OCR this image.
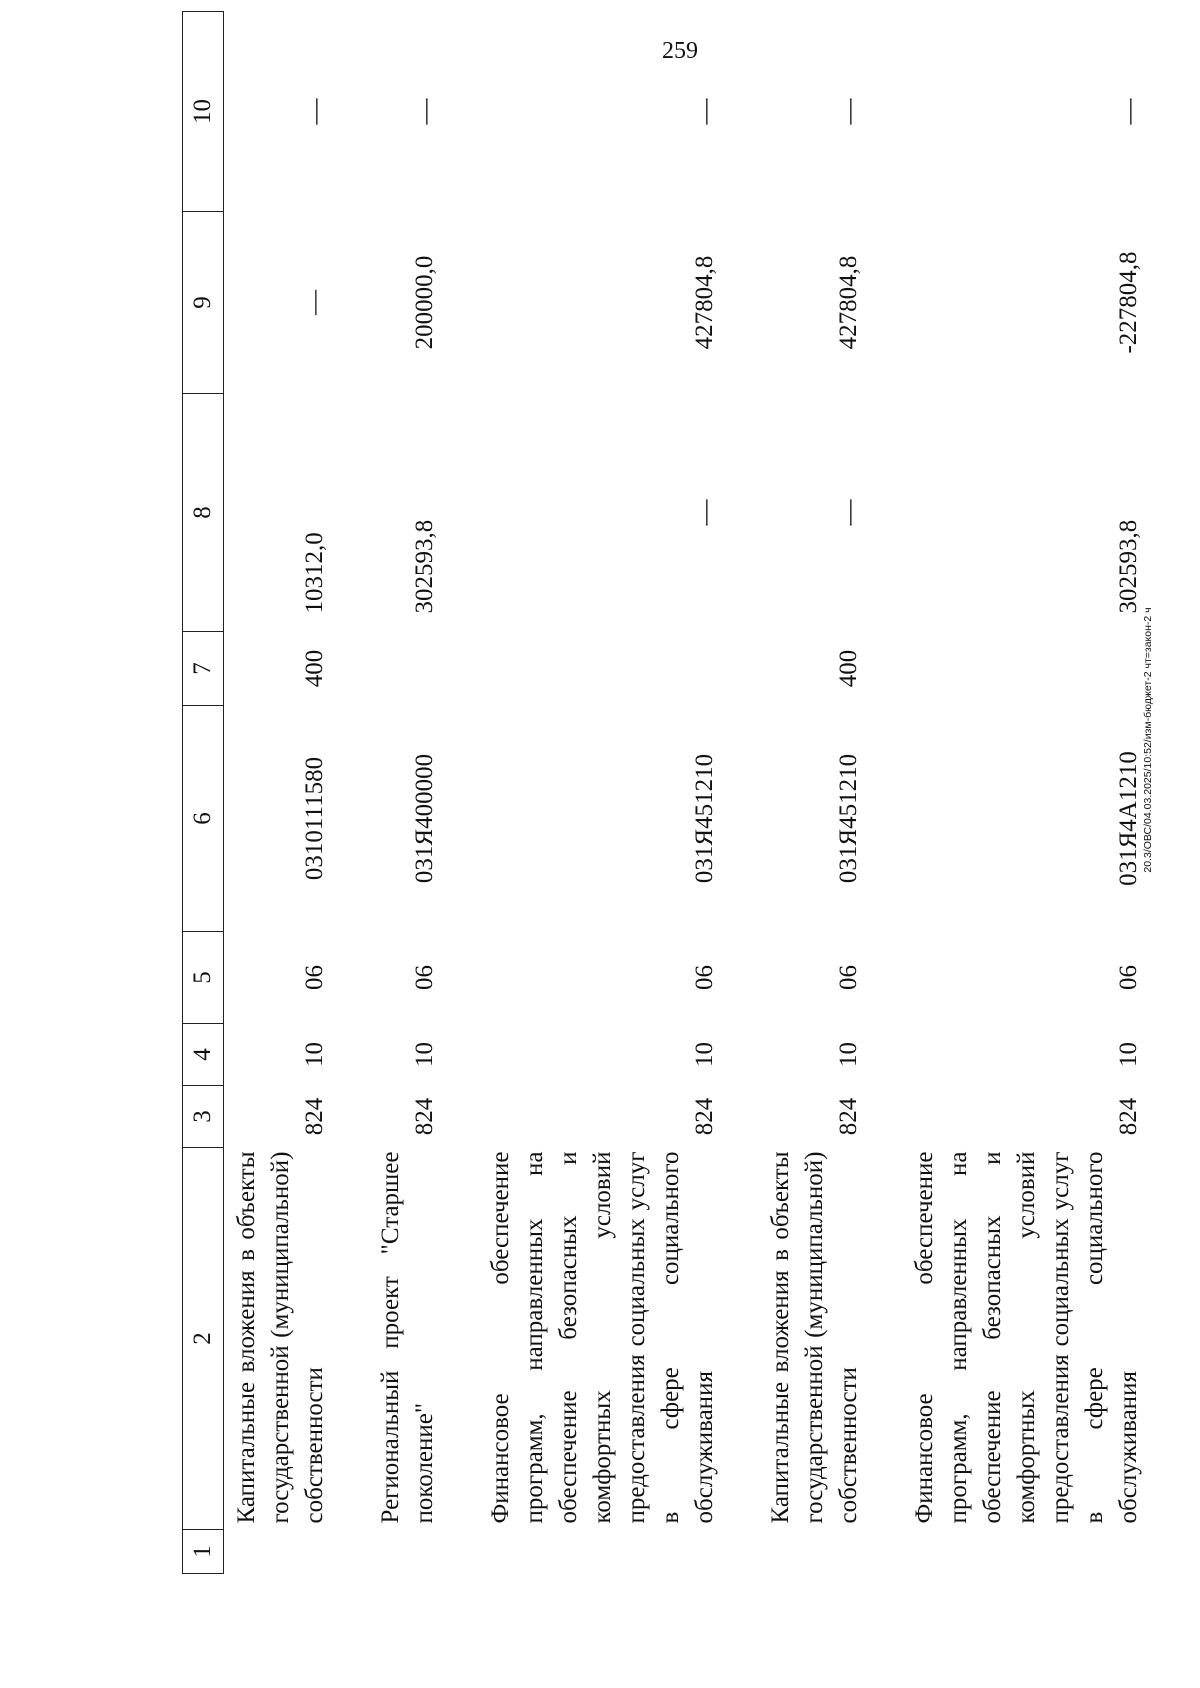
259
20.3/ОВС/04.03.2025/10:52/изм-бюджет-2 чт=закон-2 ч
1	2	3	4	5	6	7	8	9	10
	Капитальные вложения в объекты государственной (муниципальной) собственности	824	10	06	0310111580	400	10312,0	—	—

	Региональный проект "Старшее поколение"	824	10	06	031Я400000		302593,8	200000,0	—

	Финансовое обеспечение программ, направленных на обеспечение безопасных и комфортных условий предоставления социальных услуг в сфере социального обслуживания	824	10	06	031Я451210		—	427804,8	—

	Капитальные вложения в объекты государственной (муниципальной) собственности	824	10	06	031Я451210	400	—	427804,8	—

	Финансовое обеспечение программ, направленных на обеспечение безопасных и комфортных условий предоставления социальных услуг в сфере социального обслуживания	824	10	06	031Я4А1210		302593,8	-227804,8	—
